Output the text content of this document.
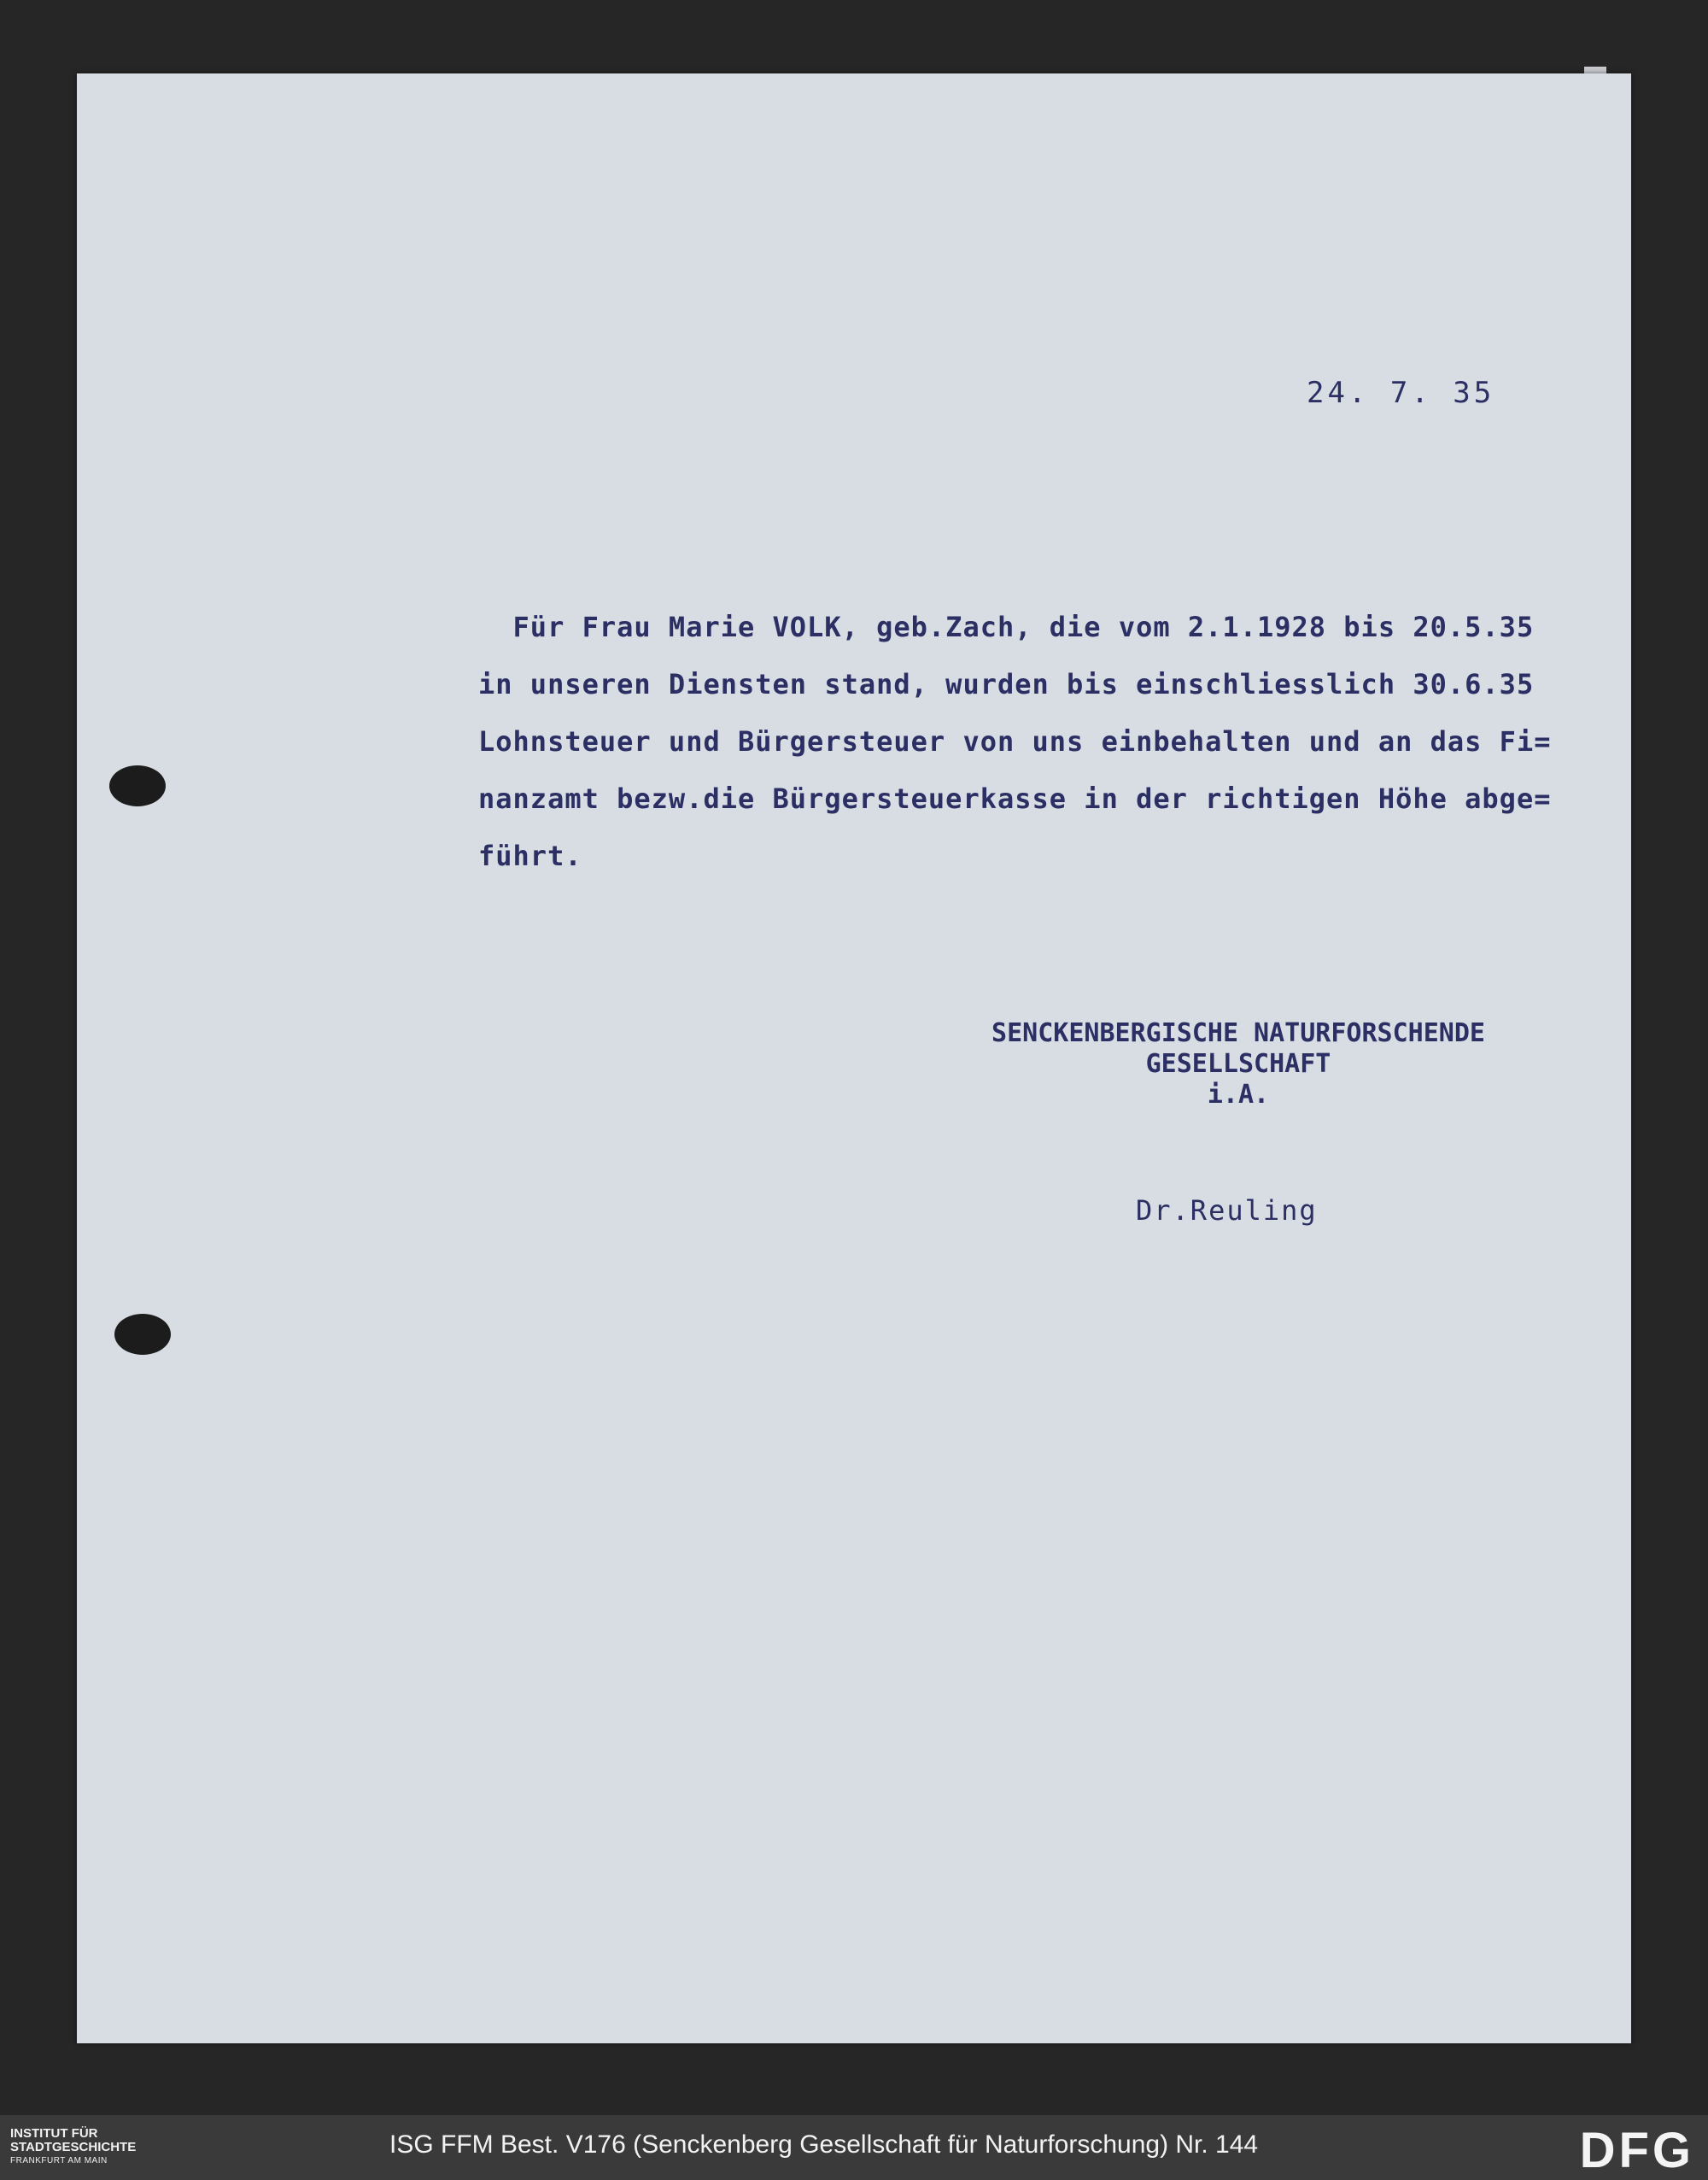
24. 7. 35
Für Frau Marie VOLK, geb.Zach, die vom 2.1.1928 bis 20.5.35
in unseren Diensten stand, wurden bis einschliesslich 30.6.35
Lohnsteuer und Bürgersteuer von uns einbehalten und an das Fi=
nanzamt bezw.die Bürgersteuerkasse in der richtigen Höhe abge=
führt.
SENCKENBERGISCHE NATURFORSCHENDE
GESELLSCHAFT
i.A.
Dr.Reuling
INSTITUT FÜR
STADTGESCHICHTE
FRANKFURT AM MAIN
ISG FFM Best. V176 (Senckenberg Gesellschaft für Naturforschung) Nr. 144	DFG
